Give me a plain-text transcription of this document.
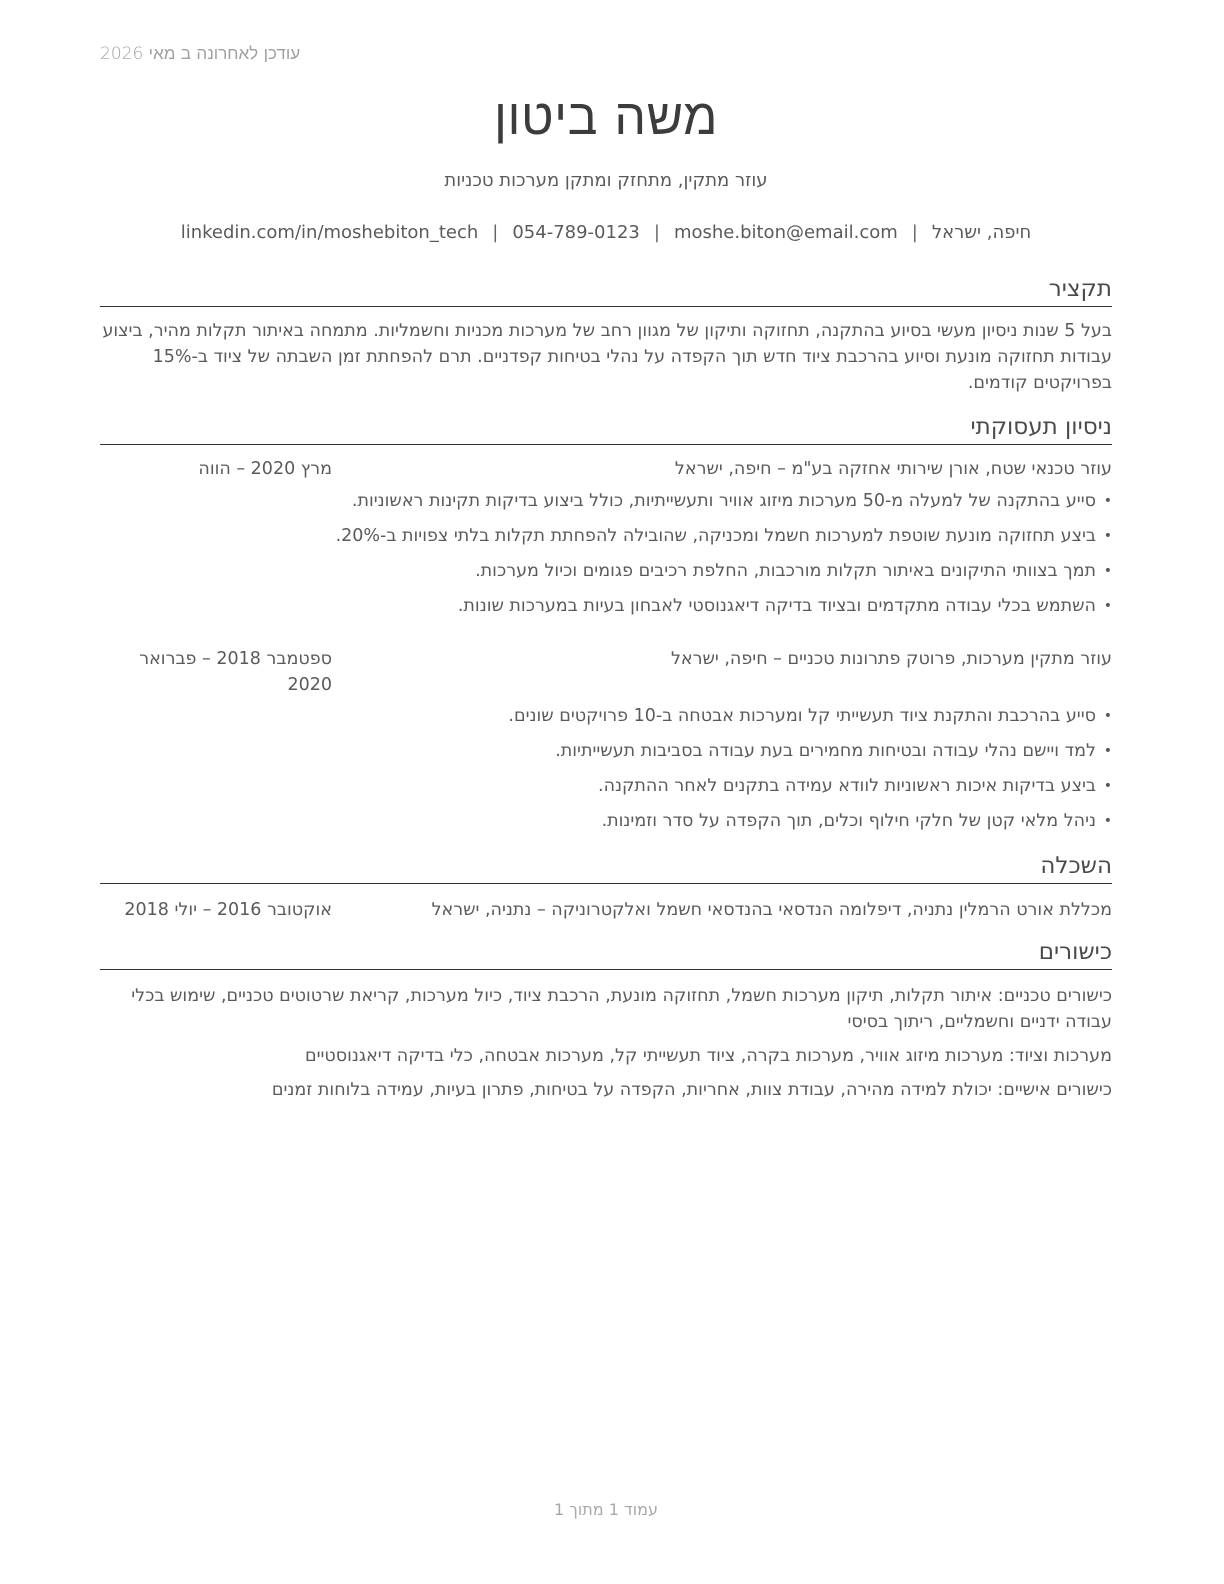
עודכן לאחרונה ב מאי 2026
משה ביטון
עוזר מתקין, מתחזק ומתקן מערכות טכניות
חיפה, ישראל|moshe.biton@email.com|054-789-0123|linkedin.com/in/moshebiton_tech
תקציר
בעל 5 שנות ניסיון מעשי בסיוע בהתקנה, תחזוקה ותיקון של מגוון רחב של מערכות מכניות וחשמליות. מתמחה באיתור תקלות מהיר, ביצוע עבודות תחזוקה מונעת וסיוע בהרכבת ציוד חדש תוך הקפדה על נהלי בטיחות קפדניים. תרם להפחתת זמן השבתה של ציוד ב-15% בפרויקטים קודמים.
ניסיון תעסוקתי
עוזר טכנאי שטח, אורן שירותי אחזקה בע"מ – חיפה, ישראל
מרץ 2020 – הווה
•
סייע בהתקנה של למעלה מ-50 מערכות מיזוג אוויר ותעשייתיות, כולל ביצוע בדיקות תקינות ראשוניות.
•
ביצע תחזוקה מונעת שוטפת למערכות חשמל ומכניקה, שהובילה להפחתת תקלות בלתי צפויות ב-20%.
•
תמך בצוותי התיקונים באיתור תקלות מורכבות, החלפת רכיבים פגומים וכיול מערכות.
•
השתמש בכלי עבודה מתקדמים ובציוד בדיקה דיאגנוסטי לאבחון בעיות במערכות שונות.
עוזר מתקין מערכות, פרוטק פתרונות טכניים – חיפה, ישראל
ספטמבר 2018 – פברואר 2020
•
סייע בהרכבת והתקנת ציוד תעשייתי קל ומערכות אבטחה ב-10 פרויקטים שונים.
•
למד ויישם נהלי עבודה ובטיחות מחמירים בעת עבודה בסביבות תעשייתיות.
•
ביצע בדיקות איכות ראשוניות לוודא עמידה בתקנים לאחר ההתקנה.
•
ניהל מלאי קטן של חלקי חילוף וכלים, תוך הקפדה על סדר וזמינות.
השכלה
מכללת אורט הרמלין נתניה, דיפלומה הנדסאי בהנדסאי חשמל ואלקטרוניקה – נתניה, ישראל
אוקטובר 2016 – יולי 2018
כישורים
כישורים טכניים: איתור תקלות, תיקון מערכות חשמל, תחזוקה מונעת, הרכבת ציוד, כיול מערכות, קריאת שרטוטים טכניים, שימוש בכלי עבודה ידניים וחשמליים, ריתוך בסיסי
מערכות וציוד: מערכות מיזוג אוויר, מערכות בקרה, ציוד תעשייתי קל, מערכות אבטחה, כלי בדיקה דיאגנוסטיים
כישורים אישיים: יכולת למידה מהירה, עבודת צוות, אחריות, הקפדה על בטיחות, פתרון בעיות, עמידה בלוחות זמנים
עמוד 1 מתוך 1
